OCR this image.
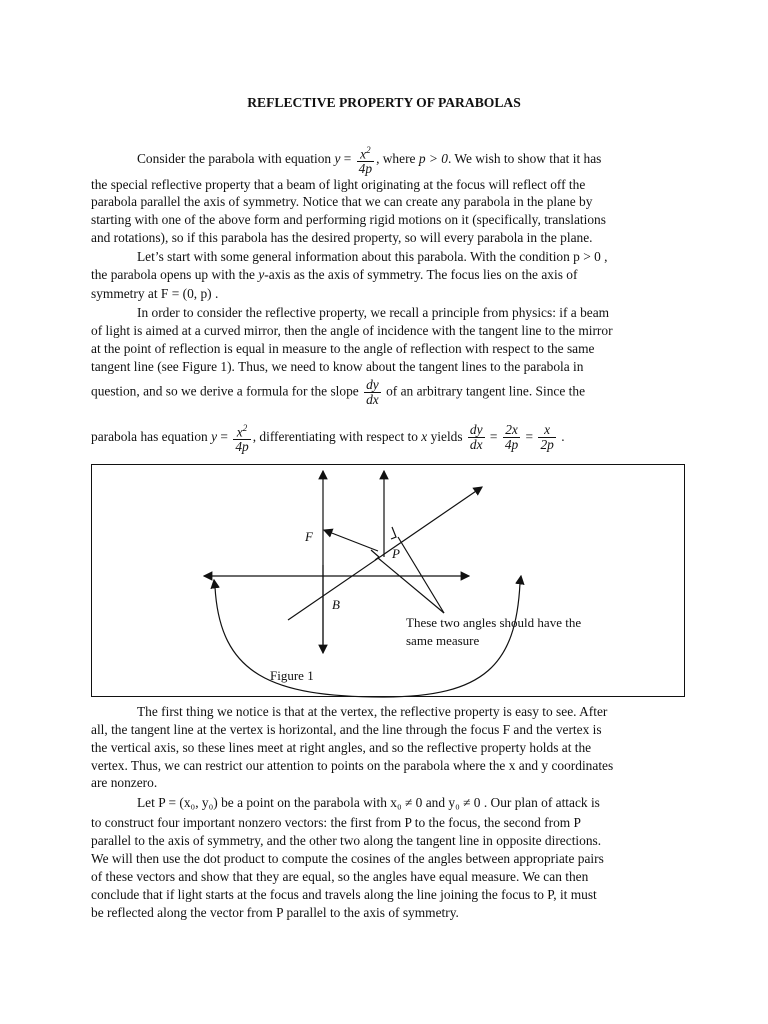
REFLECTIVE PROPERTY OF PARABOLAS
Consider the parabola with equation $y = \frac{x^2}{4p}$ , where p > 0. We wish to show that it has
the special reflective property that a beam of light originating at the focus will reflect off the
parabola parallel the axis of symmetry. Notice that we can create any parabola in the plane by
starting with one of the above form and performing rigid motions on it (specifically, translations
and rotations), so if this parabola has the desired property, so will every parabola in the plane.
Let’s start with some general information about this parabola. With the condition p > 0 ,
the parabola opens up with the y-axis as the axis of symmetry. The focus lies on the axis of
symmetry at F = (0, p) .
In order to consider the reflective property, we recall a principle from physics: if a beam
of light is aimed at a curved mirror, then the angle of incidence with the tangent line to the mirror
at the point of reflection is equal in measure to the angle of reflection with respect to the same
tangent line (see Figure 1). Thus, we need to know about the tangent lines to the parabola in
question, and so we derive a formula for the slope $\frac{dy}{dx}$ of an arbitrary tangent line. Since the
parabola has equation $y = \frac{x^2}{4p}$ , differentiating with respect to x yields $\frac{dy}{dx} = \frac{2x}{4p} = \frac{x}{2p}$ .
F
P
B
These two angles should have the
same measure
Figure 1
The first thing we notice is that at the vertex, the reflective property is easy to see. After
all, the tangent line at the vertex is horizontal, and the line through the focus F and the vertex is
the vertical axis, so these lines meet at right angles, and so the reflective property holds at the
vertex. Thus, we can restrict our attention to points on the parabola where the x and y coordinates
are nonzero.
Let P = (x₀, y₀) be a point on the parabola with x₀ ≠ 0 and y₀ ≠ 0 . Our plan of attack is
to construct four important nonzero vectors: the first from P to the focus, the second from P
parallel to the axis of symmetry, and the other two along the tangent line in opposite directions.
We will then use the dot product to compute the cosines of the angles between appropriate pairs
of these vectors and show that they are equal, so the angles have equal measure. We can then
conclude that if light starts at the focus and travels along the line joining the focus to P, it must
be reflected along the vector from P parallel to the axis of symmetry.
